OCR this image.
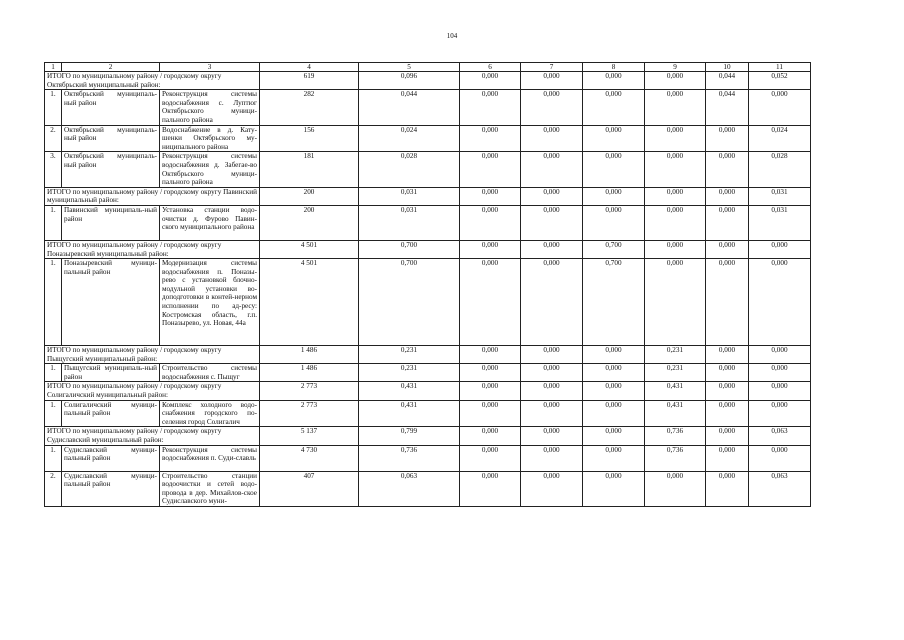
104
1	2	3	4	5	6	7	8	9	10	11
ИТОГО по муниципальному району / городскому округу Октябрьский муниципальный район:			619	0,096	0,000	0,000	0,000	0,000	0,044	0,052
1.	Октябрьский муниципаль-ный район	Реконструкция системы водоснабжения с. Луптюг Октябрьского муници-пального района	282	0,044	0,000	0,000	0,000	0,000	0,044	0,000
2.	Октябрьский муниципаль-ный район	Водоснабжение в д. Кату-шенки Октябрьского му-ниципального района	156	0,024	0,000	0,000	0,000	0,000	0,000	0,024
3.	Октябрьский муниципаль-ный район	Реконструкция системы водоснабжения д. Забегае-во Октябрьского муници-пального района	181	0,028	0,000	0,000	0,000	0,000	0,000	0,028
ИТОГО по муниципальному району / городскому округу Павинский муниципальный район:			200	0,031	0,000	0,000	0,000	0,000	0,000	0,031
1.	Павинский муниципаль-ный район	Установка станции водо-очистки д. Фурово Павин-ского муниципального района	200	0,031	0,000	0,000	0,000	0,000	0,000	0,031
ИТОГО по муниципальному району / городскому округу Поназыревский муниципальный район:			4 501	0,700	0,000	0,000	0,700	0,000	0,000	0,000
1.	Поназыревский муници-пальный район	Модернизация системы водоснабжения п. Поназы-рево с установкой блочно-модульной установки во-доподготовки в контей-нерном исполнении по ад-ресу: Костромская область, г.п. Поназырево, ул. Новая, 44а	4 501	0,700	0,000	0,000	0,700	0,000	0,000	0,000
ИТОГО по муниципальному району / городскому округу Пыщугский муниципальный район:			1 486	0,231	0,000	0,000	0,000	0,231	0,000	0,000
1.	Пыщугский муниципаль-ный район	Строительство системы водоснабжения с. Пыщуг	1 486	0,231	0,000	0,000	0,000	0,231	0,000	0,000
ИТОГО по муниципальному району / городскому округу Солигаличский муниципальный район:			2 773	0,431	0,000	0,000	0,000	0,431	0,000	0,000
1.	Солигаличский муници-пальный район	Комплекс холодного водо-снабжения городского по-селения город Солигалич	2 773	0,431	0,000	0,000	0,000	0,431	0,000	0,000
ИТОГО по муниципальному району / городскому округу Судиславский муниципальный район:			5 137	0,799	0,000	0,000	0,000	0,736	0,000	0,063
1.	Судиславский муници-пальный район	Реконструкция системы водоснабжения п. Суди-славль	4 730	0,736	0,000	0,000	0,000	0,736	0,000	0,000
2.	Судиславский муници-пальный район	Строительство станции водоочистки и сетей водо-провода в дер. Михайлов-ское Судиславского муни-	407	0,063	0,000	0,000	0,000	0,000	0,000	0,063
